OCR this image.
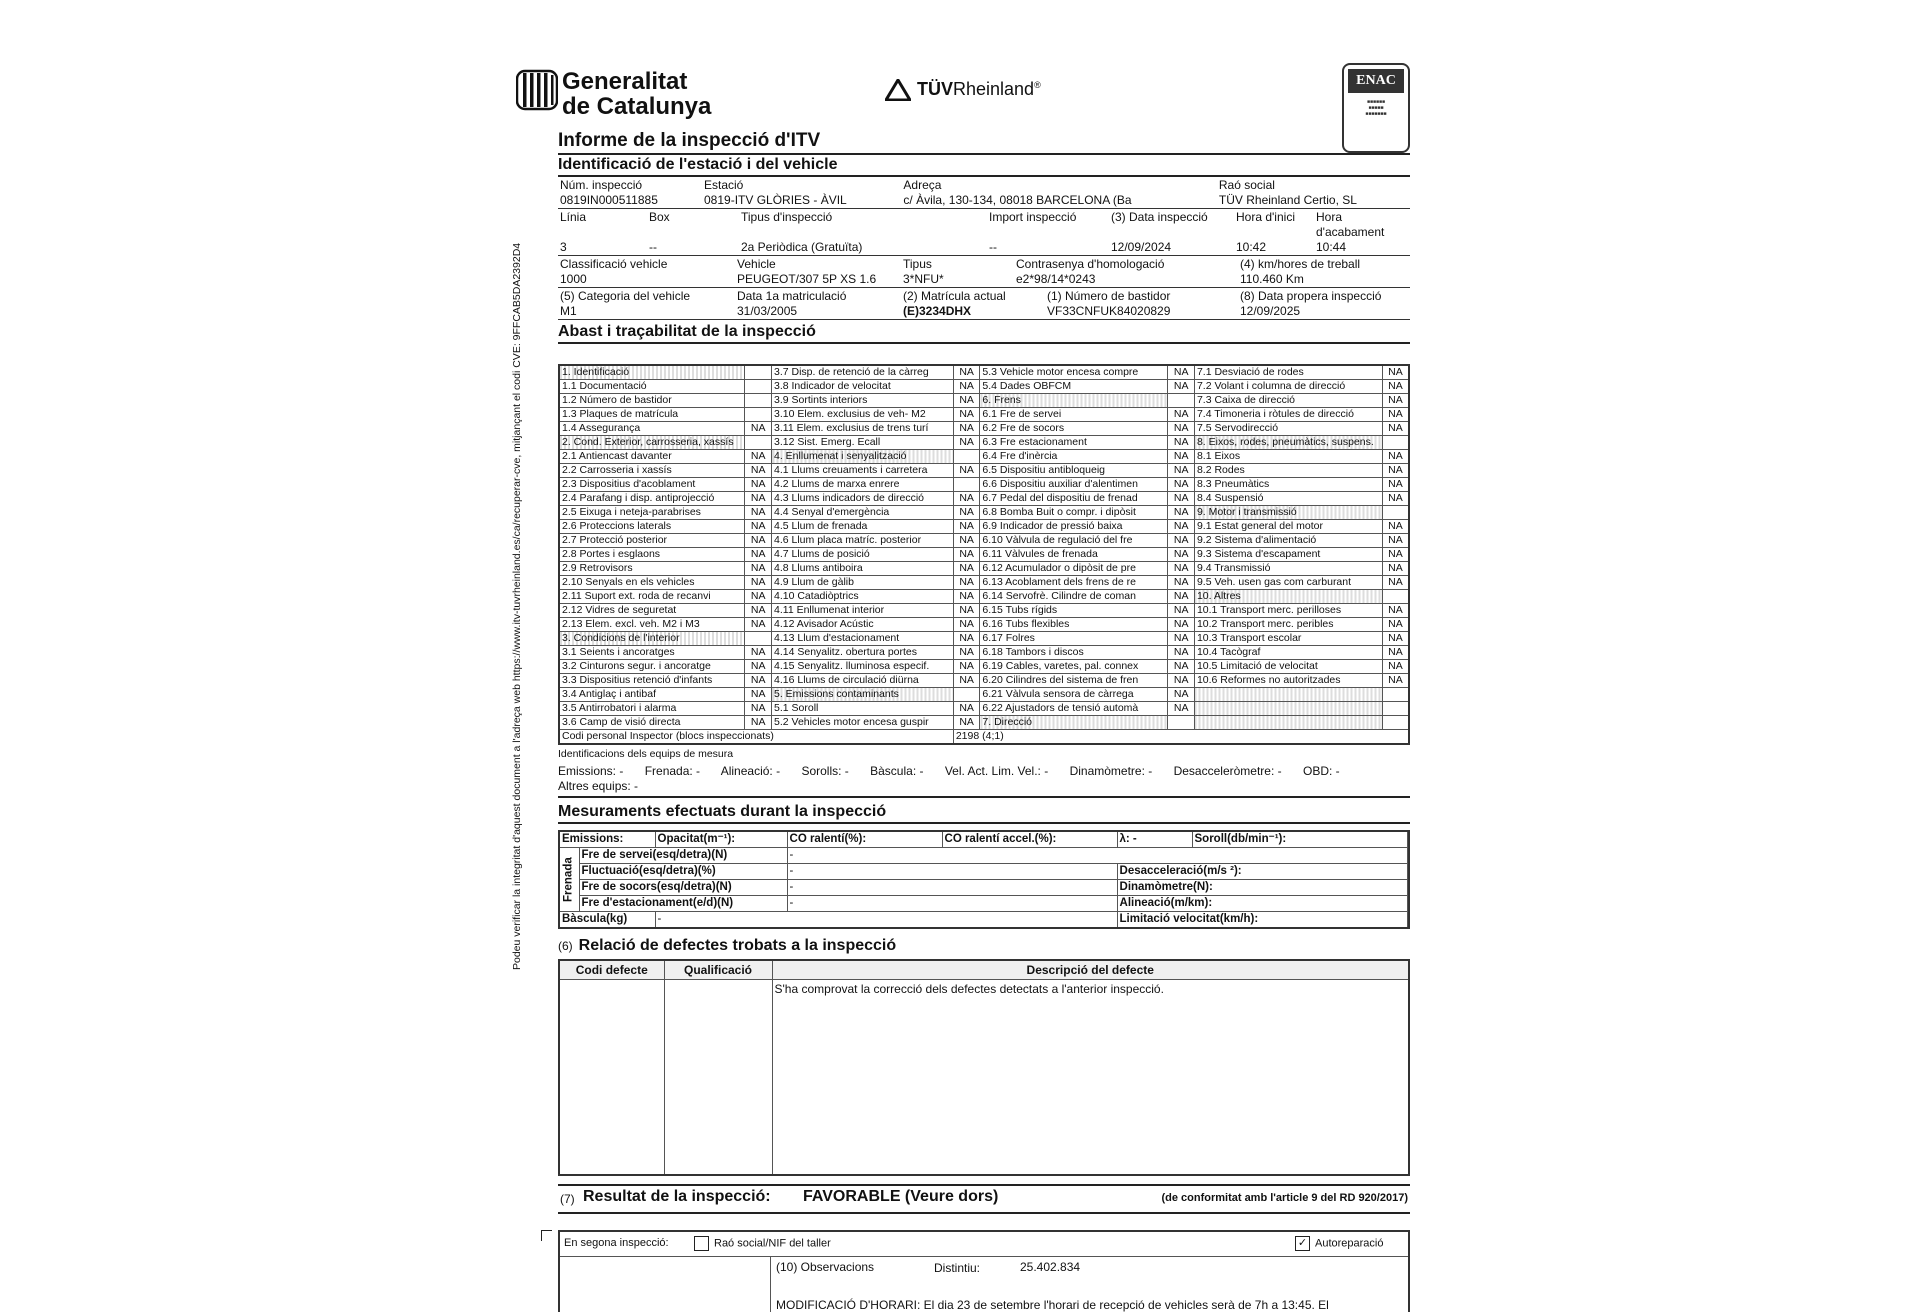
Generalitat
de Catalunya
TÜVRheinland®	ENAC
■■■■■■
■■■■■
■■■■■■■
Informe de la inspecció d'ITV
Identificació de l'estació i del vehicle
Núm. inspecció	Estació	Adreça	Raó social
0819IN000511885	0819-ITV GLÒRIES - ÀVIL	c/ Àvila, 130-134, 08018 BARCELONA (Ba	TÜV Rheinland Certio, SL
Línia	Box	Tipus d'inspecció	Import inspecció	(3) Data inspecció	Hora d'inici	Hora d'acabament
3	--	2a Periòdica (Gratuïta)	--	12/09/2024	10:42	10:44
Classificació vehicle	Vehicle	Tipus	Contrasenya d'homologació	(4) km/hores de treball
1000	PEUGEOT/307 5P XS 1.6	3*NFU*	e2*98/14*0243	110.460 Km
(5) Categoria del vehicle	Data 1a matriculació	(2) Matrícula actual	(1) Número de bastidor	(8) Data propera inspecció
M1	31/03/2005	(E)3234DHX	VF33CNFUK84020829	12/09/2025
Abast i traçabilitat de la inspecció
1. Identificació		3.7 Disp. de retenció de la càrreg	NA	5.3 Vehicle motor encesa compre	NA	7.1 Desviació de rodes	NA
1.1 Documentació		3.8 Indicador de velocitat	NA	5.4 Dades OBFCM	NA	7.2 Volant i columna de direcció	NA
1.2 Número de bastidor		3.9 Sortints interiors	NA	6. Frens		7.3 Caixa de direcció	NA
1.3 Plaques de matrícula		3.10 Elem. exclusius de veh- M2	NA	6.1 Fre de servei	NA	7.4 Timoneria i ròtules de direcció	NA
1.4 Assegurança	NA	3.11 Elem. exclusius de trens turí	NA	6.2 Fre de socors	NA	7.5 Servodirecció	NA
2. Cond. Exterior, carrosseria, xassís		3.12 Sist. Emerg. Ecall	NA	6.3 Fre estacionament	NA	8. Eixos, rodes, pneumàtics, suspens.	
2.1 Antiencast davanter	NA	4. Enllumenat i senyalització		6.4 Fre d'inèrcia	NA	8.1 Eixos	NA
2.2 Carrosseria i xassís	NA	4.1 Llums creuaments i carretera	NA	6.5 Dispositiu antibloqueig	NA	8.2 Rodes	NA
2.3 Dispositius d'acoblament	NA	4.2 Llums de marxa enrere		6.6 Dispositiu auxiliar d'alentimen	NA	8.3 Pneumàtics	NA
2.4 Parafang i disp. antiprojecció	NA	4.3 Llums indicadors de direcció	NA	6.7 Pedal del dispositiu de frenad	NA	8.4 Suspensió	NA
2.5 Eixuga i neteja-parabrises	NA	4.4 Senyal d'emergència	NA	6.8 Bomba Buit o compr. i dipòsit	NA	9. Motor i transmissió	
2.6 Proteccions laterals	NA	4.5 Llum de frenada	NA	6.9 Indicador de pressió baixa	NA	9.1 Estat general del motor	NA
2.7 Protecció posterior	NA	4.6 Llum placa matríc. posterior	NA	6.10 Vàlvula de regulació del fre	NA	9.2 Sistema d'alimentació	NA
2.8 Portes i esglaons	NA	4.7 Llums de posició	NA	6.11 Vàlvules de frenada	NA	9.3 Sistema d'escapament	NA
2.9 Retrovisors	NA	4.8 Llums antiboira	NA	6.12 Acumulador o dipòsit de pre	NA	9.4 Transmissió	NA
2.10 Senyals en els vehicles	NA	4.9 Llum de gàlib	NA	6.13 Acoblament dels frens de re	NA	9.5 Veh. usen gas com carburant	NA
2.11 Suport ext. roda de recanvi	NA	4.10 Catadiòptrics	NA	6.14 Servofrè. Cilindre de coman	NA	10. Altres	
2.12 Vidres de seguretat	NA	4.11 Enllumenat interior	NA	6.15 Tubs rígids	NA	10.1 Transport merc. perilloses	NA
2.13 Elem. excl. veh. M2 i M3	NA	4.12 Avisador Acústic	NA	6.16 Tubs flexibles	NA	10.2 Transport merc. peribles	NA
3. Condicions de l'interior		4.13 Llum d'estacionament	NA	6.17 Folres	NA	10.3 Transport escolar	NA
3.1 Seients i ancoratges	NA	4.14 Senyalitz. obertura portes	NA	6.18 Tambors i discos	NA	10.4 Tacògraf	NA
3.2 Cinturons segur. i ancoratge	NA	4.15 Senyalitz. lluminosa especif.	NA	6.19 Cables, varetes, pal. connex	NA	10.5 Limitació de velocitat	NA
3.3 Dispositius retenció d'infants	NA	4.16 Llums de circulació diürna	NA	6.20 Cilindres del sistema de fren	NA	10.6 Reformes no autoritzades	NA
3.4 Antiglaç i antibaf	NA	5. Emissions contaminants		6.21 Vàlvula sensora de càrrega	NA		
3.5 Antirrobatori i alarma	NA	5.1 Soroll	NA	6.22 Ajustadors de tensió automà	NA		
3.6 Camp de visió directa	NA	5.2 Vehicles motor encesa guspir	NA	7. Direcció			
Codi personal Inspector (blocs inspeccionats)			2198 (4;1)				
Identificacions dels equips de mesura
Emissions: - Frenada: - Alineació: - Sorolls: - Bàscula: - Vel. Act. Lim. Vel.: - Dinamòmetre: - Desacceleròmetre: - OBD: -
Altres equips: -
Mesuraments efectuats durant la inspecció
Emissions:		Opacitat(m⁻¹):	CO ralentí(%):	CO ralentí accel.(%):	λ: -	Soroll(db/min⁻¹):	
Frenada	Fre de servei(esq/detra)(N)		-				
	Fluctuació(esq/detra)(%)		-		Desacceleració(m/s ²):	
	Fre de socors(esq/detra)(N)		-		Dinamòmetre(N):	
	Fre d'estacionament(e/d)(N)		-		Alineació(m/km):	
Bàscula(kg)		-			Limitació velocitat(km/h):		
(6) Relació de defectes trobats a la inspecció
Codi defecte	Qualificació	Descripció del defecte
		S'ha comprovat la correcció dels defectes detectats a l'anterior inspecció.
(7) Resultat de la inspecció: FAVORABLE (Veure dors)	(de conformitat amb l'article 9 del RD 920/2017)
En segona inspecció:	Raó social/NIF del taller	✓ Autoreparació
(10) Observacions	Distintiu:	25.402.834
MODIFICACIÓ D'HORARI: El dia 23 de setembre l'horari de recepció de vehicles serà de 7h a 13:45. El
Podeu verificar la integritat d'aquest document a l'adreça web https://www.itv-tuvrheinland.es/ca/recuperar-cve, mitjançant el codi CVE: 9FFCAB5DA2392D4
